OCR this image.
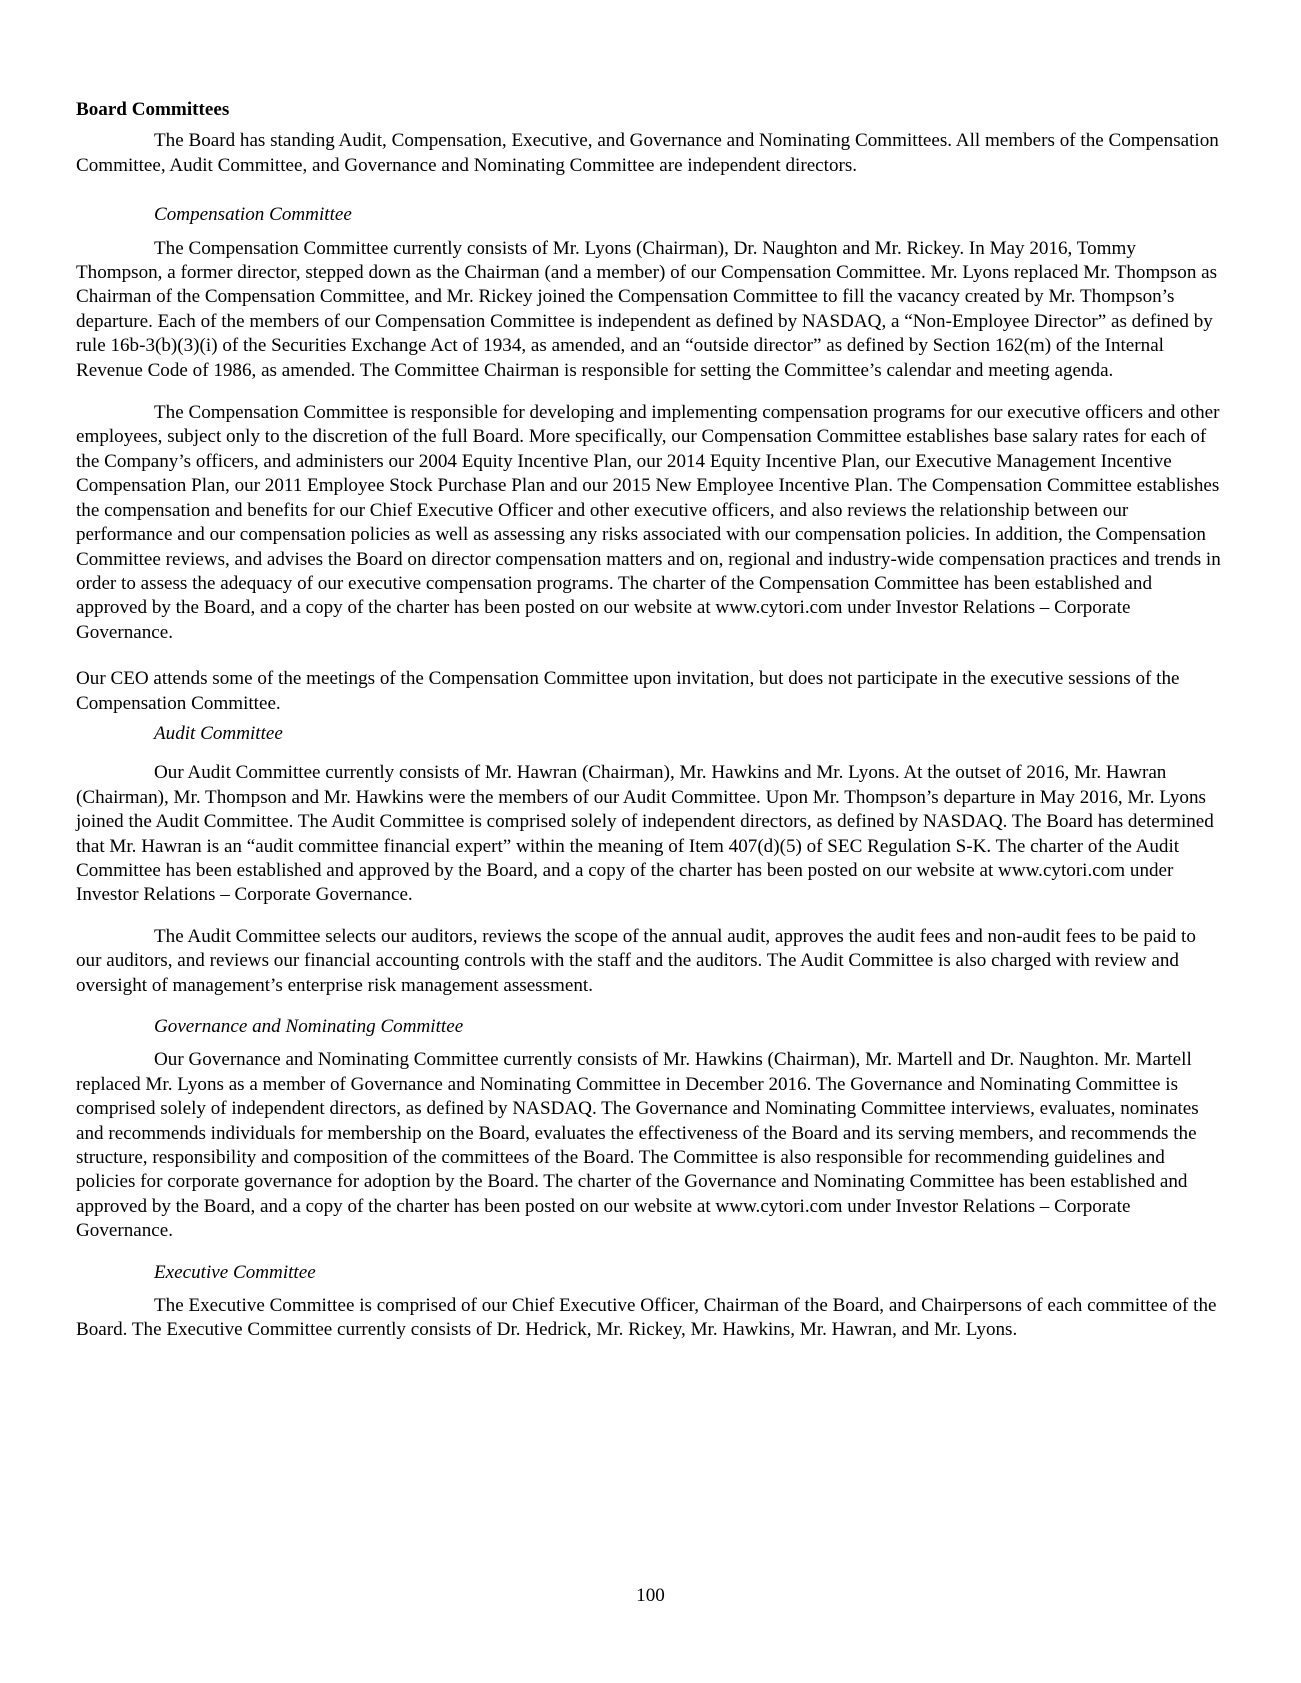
Board Committees

The Board has standing Audit, Compensation, Executive, and Governance and Nominating Committees. All members of the Compensation Committee, Audit Committee, and Governance and Nominating Committee are independent directors.

Compensation Committee

The Compensation Committee currently consists of Mr. Lyons (Chairman), Dr. Naughton and Mr. Rickey. In May 2016, Tommy Thompson, a former director, stepped down as the Chairman (and a member) of our Compensation Committee. Mr. Lyons replaced Mr. Thompson as Chairman of the Compensation Committee, and Mr. Rickey joined the Compensation Committee to fill the vacancy created by Mr. Thompson’s departure. Each of the members of our Compensation Committee is independent as defined by NASDAQ, a “Non-Employee Director” as defined by rule 16b-3(b)(3)(i) of the Securities Exchange Act of 1934, as amended, and an “outside director” as defined by Section 162(m) of the Internal Revenue Code of 1986, as amended. The Committee Chairman is responsible for setting the Committee’s calendar and meeting agenda.

The Compensation Committee is responsible for developing and implementing compensation programs for our executive officers and other employees, subject only to the discretion of the full Board. More specifically, our Compensation Committee establishes base salary rates for each of the Company’s officers, and administers our 2004 Equity Incentive Plan, our 2014 Equity Incentive Plan, our Executive Management Incentive Compensation Plan, our 2011 Employee Stock Purchase Plan and our 2015 New Employee Incentive Plan. The Compensation Committee establishes the compensation and benefits for our Chief Executive Officer and other executive officers, and also reviews the relationship between our performance and our compensation policies as well as assessing any risks associated with our compensation policies. In addition, the Compensation Committee reviews, and advises the Board on director compensation matters and on, regional and industry-wide compensation practices and trends in order to assess the adequacy of our executive compensation programs. The charter of the Compensation Committee has been established and approved by the Board, and a copy of the charter has been posted on our website at www.cytori.com under Investor Relations – Corporate Governance.

Our CEO attends some of the meetings of the Compensation Committee upon invitation, but does not participate in the executive sessions of the Compensation Committee.

Audit Committee

Our Audit Committee currently consists of Mr. Hawran (Chairman), Mr. Hawkins and Mr. Lyons. At the outset of 2016, Mr. Hawran (Chairman), Mr. Thompson and Mr. Hawkins were the members of our Audit Committee. Upon Mr. Thompson’s departure in May 2016, Mr. Lyons joined the Audit Committee. The Audit Committee is comprised solely of independent directors, as defined by NASDAQ. The Board has determined that Mr. Hawran is an “audit committee financial expert” within the meaning of Item 407(d)(5) of SEC Regulation S-K. The charter of the Audit Committee has been established and approved by the Board, and a copy of the charter has been posted on our website at www.cytori.com under Investor Relations – Corporate Governance.

The Audit Committee selects our auditors, reviews the scope of the annual audit, approves the audit fees and non-audit fees to be paid to our auditors, and reviews our financial accounting controls with the staff and the auditors. The Audit Committee is also charged with review and oversight of management’s enterprise risk management assessment.

Governance and Nominating Committee

Our Governance and Nominating Committee currently consists of Mr. Hawkins (Chairman), Mr. Martell and Dr. Naughton. Mr. Martell replaced Mr. Lyons as a member of Governance and Nominating Committee in December 2016. The Governance and Nominating Committee is comprised solely of independent directors, as defined by NASDAQ. The Governance and Nominating Committee interviews, evaluates, nominates and recommends individuals for membership on the Board, evaluates the effectiveness of the Board and its serving members, and recommends the structure, responsibility and composition of the committees of the Board. The Committee is also responsible for recommending guidelines and policies for corporate governance for adoption by the Board. The charter of the Governance and Nominating Committee has been established and approved by the Board, and a copy of the charter has been posted on our website at www.cytori.com under Investor Relations – Corporate Governance.

Executive Committee

The Executive Committee is comprised of our Chief Executive Officer, Chairman of the Board, and Chairpersons of each committee of the Board. The Executive Committee currently consists of Dr. Hedrick, Mr. Rickey, Mr. Hawkins, Mr. Hawran, and Mr. Lyons.

100
